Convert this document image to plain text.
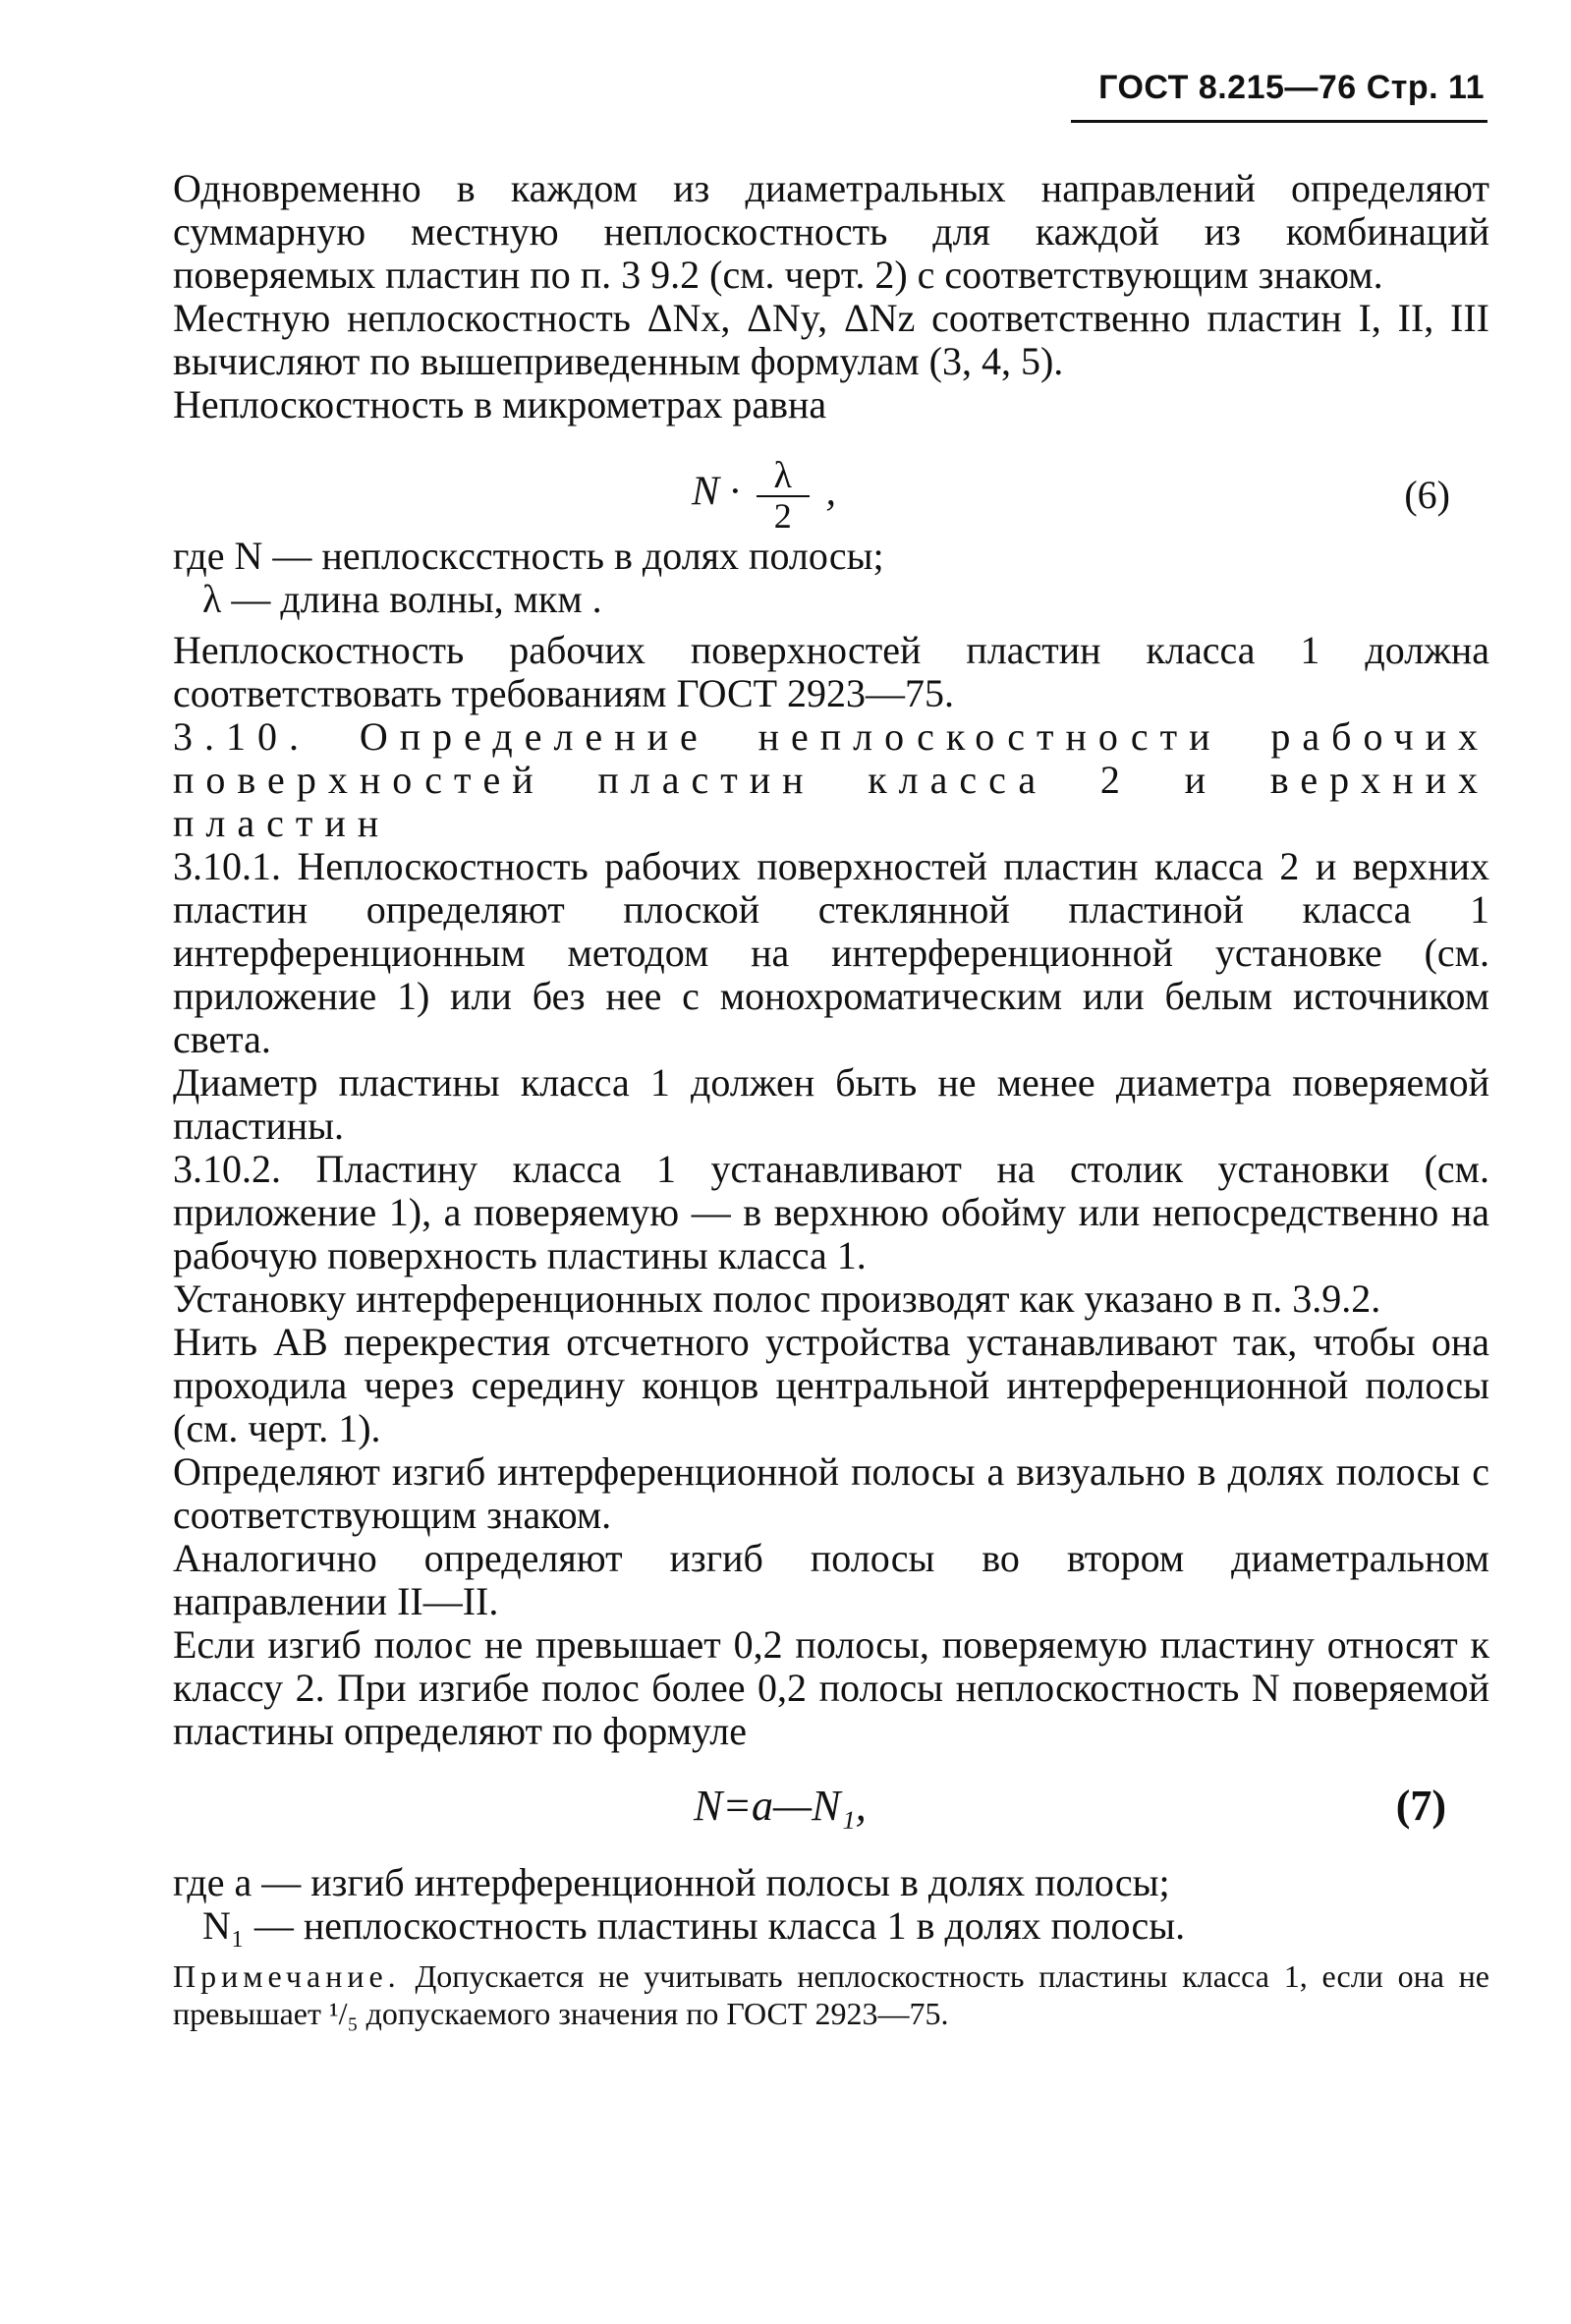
ГОСТ 8.215—76 Стр. 11

Одновременно в каждом из диаметральных направлений определяют суммарную местную неплоскостность для каждой из комбинаций поверяемых пластин по п. 3 9.2 (см. черт. 2) с соответствующим знаком.

Местную неплоскостность ΔNx, ΔNy, ΔNz соответственно пластин I, II, III вычисляют по вышеприведенным формулам (3, 4, 5).

Неплоскостность в микрометрах равна

$N \cdot \frac{\lambda}{2}$ ,	(6)

где N — неплоскcстность в долях полосы;

λ — длина волны, мкм .

Неплоскостность рабочих поверхностей пластин класса 1 должна соответствовать требованиям ГОСТ 2923—75.

3.10. Определение неплоскостности рабочих поверхностей пластин класса 2 и верхних пластин

3.10.1. Неплоскостность рабочих поверхностей пластин класса 2 и верхних пластин определяют плоской стеклянной пластиной класса 1 интерференционным методом на интерференционной установке (см. приложение 1) или без нее с монохроматическим или белым источником света.

Диаметр пластины класса 1 должен быть не менее диаметра поверяемой пластины.

3.10.2. Пластину класса 1 устанавливают на столик установки (см. приложение 1), а поверяемую — в верхнюю обойму или непосредственно на рабочую поверхность пластины класса 1.

Установку интерференционных полос производят как указано в п. 3.9.2.

Нить АВ перекрестия отсчетного устройства устанавливают так, чтобы она проходила через середину концов центральной интерференционной полосы (см. черт. 1).

Определяют изгиб интерференционной полосы а визуально в долях полосы с соответствующим знаком.

Аналогично определяют изгиб полосы во втором диаметральном направлении II—II.

Если изгиб полос не превышает 0,2 полосы, поверяемую пластину относят к классу 2. При изгибе полос более 0,2 полосы неплоскостность N поверяемой пластины определяют по формуле

N=a—N₁,	(7)

где а — изгиб интерференционной полосы в долях полосы;

N₁ — неплоскостность пластины класса 1 в долях полосы.

Примечание. Допускается не учитывать неплоскостность пластины класса 1, если она не превышает ¹/₅ допускаемого значения по ГОСТ 2923—75.
